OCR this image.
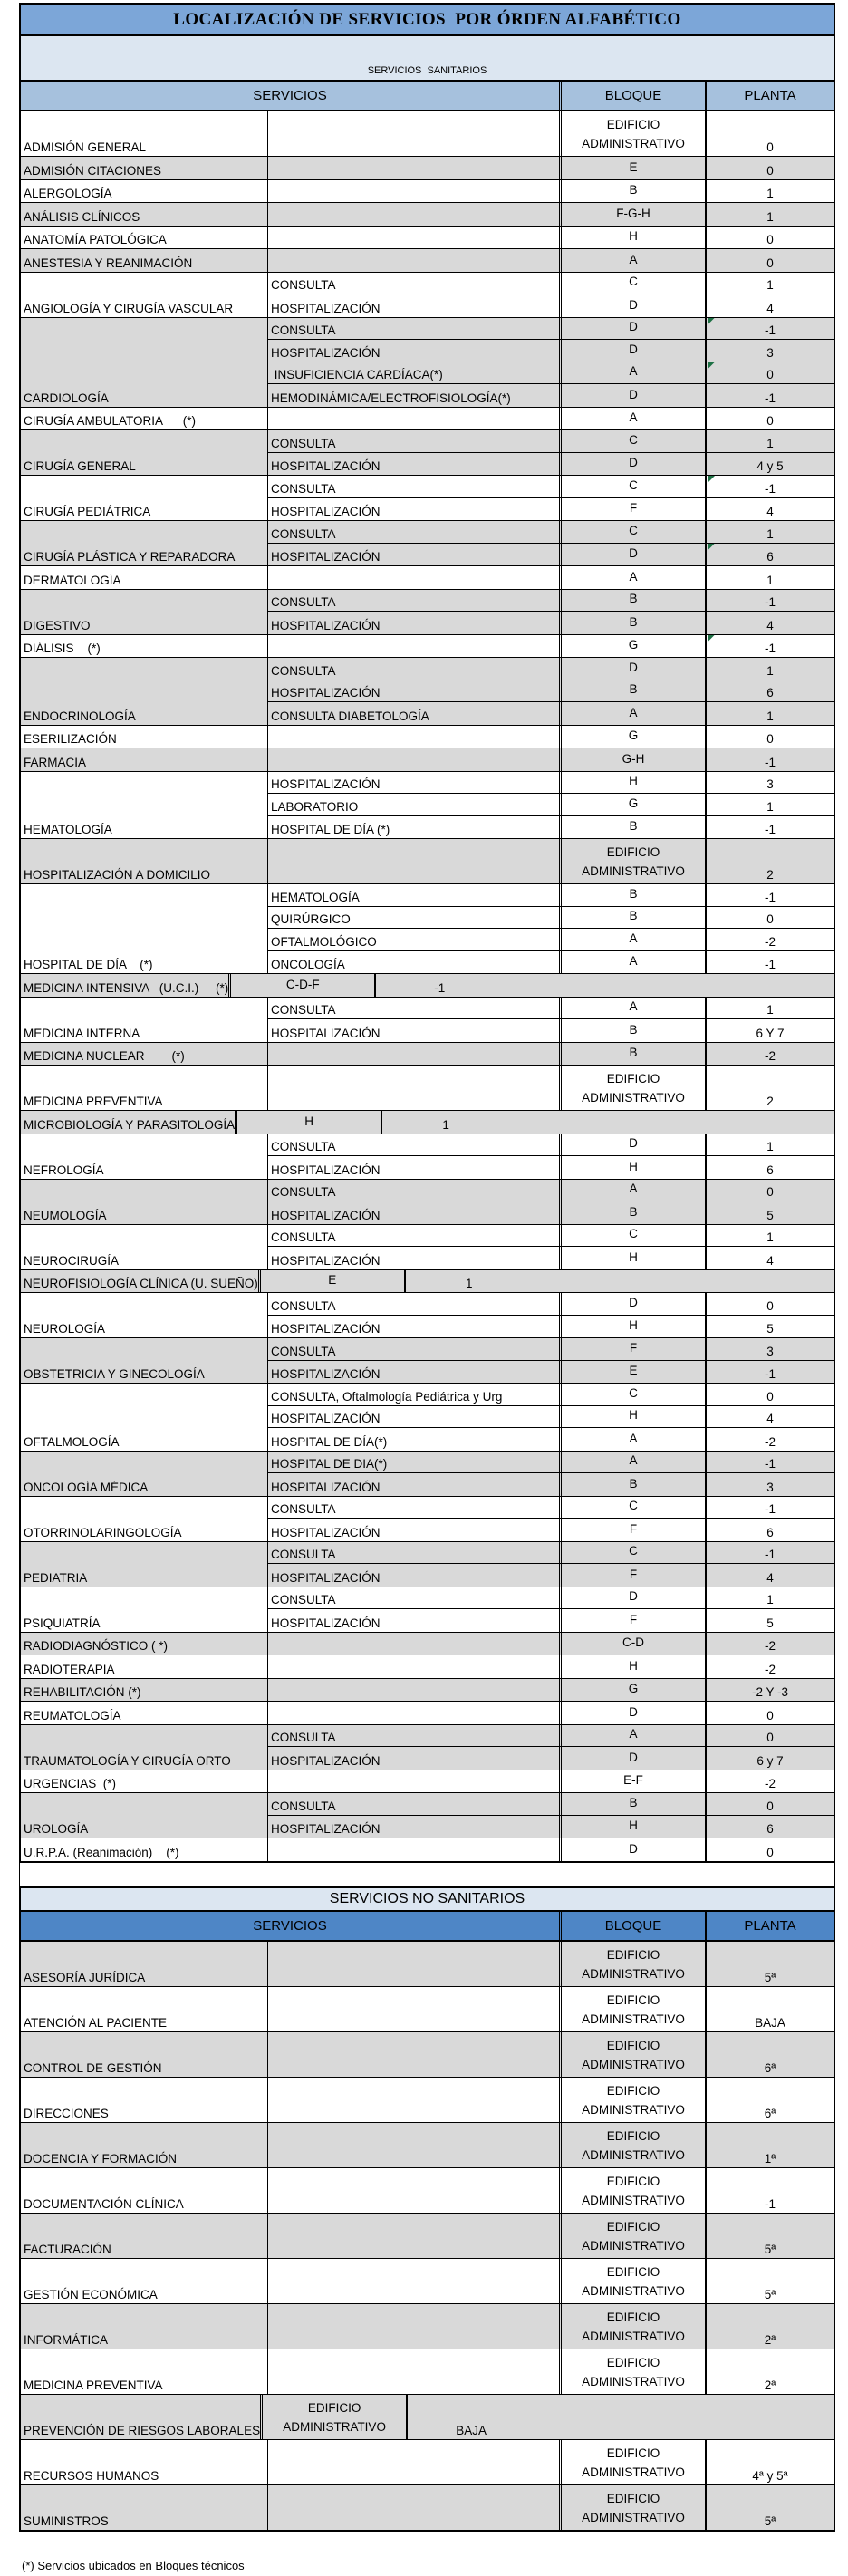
LOCALIZACIÓN DE SERVICIOS  POR ÓRDEN ALFABÉTICO
SERVICIOS  SANITARIOS
SERVICIOS	BLOQUE	PLANTA
ADMISIÓN GENERAL
EDIFICIO ADMINISTRATIVO	0
ADMISIÓN CITACIONES	E	0
ALERGOLOGÍA	B	1
ANÁLISIS CLÍNICOS	F-G-H	1
ANATOMÍA PATOLÓGICA	H	0
ANESTESIA Y REANIMACIÓN	A	0
ANGIOLOGÍA Y CIRUGÍA VASCULAR
CONSULTA	C	1
HOSPITALIZACIÓN	D	4
CARDIOLOGÍA
CONSULTA	D	-1
HOSPITALIZACIÓN	D	3
INSUFICIENCIA CARDÍACA(*)	A	0
HEMODINÁMICA/ELECTROFISIOLOGÍA(*)	D	-1
CIRUGÍA AMBULATORIA      (*)	A	0
CIRUGÍA GENERAL
CONSULTA	C	1
HOSPITALIZACIÓN	D	4 y 5
CIRUGÍA PEDIÁTRICA
CONSULTA	C	-1
HOSPITALIZACIÓN	F	4
CIRUGÍA PLÁSTICA Y REPARADORA
CONSULTA	C	1
HOSPITALIZACIÓN	D	6
DERMATOLOGÍA	A	1
DIGESTIVO
CONSULTA	B	-1
HOSPITALIZACIÓN	B	4
DIÁLISIS    (*)	G	-1
ENDOCRINOLOGÍA
CONSULTA	D	1
HOSPITALIZACIÓN	B	6
CONSULTA DIABETOLOGÍA	A	1
ESERILIZACIÓN	G	0
FARMACIA	G-H	-1
HEMATOLOGÍA
HOSPITALIZACIÓN	H	3
LABORATORIO	G	1
HOSPITAL DE DÍA (*)	B	-1
HOSPITALIZACIÓN A DOMICILIO
EDIFICIO ADMINISTRATIVO	2
HOSPITAL DE DÍA    (*)
HEMATOLOGÍA	B	-1
QUIRÚRGICO	B	0
OFTALMOLÓGICO	A	-2
ONCOLOGÍA	A	-1
MEDICINA INTENSIVA   (U.C.I.)     (*)	C-D-F	-1
MEDICINA INTERNA
CONSULTA	A	1
HOSPITALIZACIÓN	B	6 Y 7
MEDICINA NUCLEAR        (*)	B	-2
MEDICINA PREVENTIVA
EDIFICIO ADMINISTRATIVO	2
MICROBIOLOGÍA Y PARASITOLOGÍA	H	1
NEFROLOGÍA
CONSULTA	D	1
HOSPITALIZACIÓN	H	6
NEUMOLOGÍA
CONSULTA	A	0
HOSPITALIZACIÓN	B	5
NEUROCIRUGÍA
CONSULTA	C	1
HOSPITALIZACIÓN	H	4
NEUROFISIOLOGÍA CLÍNICA (U. SUEÑO)	E	1
NEUROLOGÍA
CONSULTA	D	0
HOSPITALIZACIÓN	H	5
OBSTETRICIA Y GINECOLOGÍA
CONSULTA	F	3
HOSPITALIZACIÓN	E	-1
OFTALMOLOGÍA
CONSULTA, Oftalmología Pediátrica y Urg	C	0
HOSPITALIZACIÓN	H	4
HOSPITAL DE DÍA(*)	A	-2
ONCOLOGÍA MÉDICA
HOSPITAL DE DIA(*)	A	-1
HOSPITALIZACIÓN	B	3
OTORRINOLARINGOLOGÍA
CONSULTA	C	-1
HOSPITALIZACIÓN	F	6
PEDIATRIA
CONSULTA	C	-1
HOSPITALIZACIÓN	F	4
PSIQUIATRÍA
CONSULTA	D	1
HOSPITALIZACIÓN	F	5
RADIODIAGNÓSTICO ( *)	C-D	-2
RADIOTERAPIA	H	-2
REHABILITACIÓN (*)	G	-2 Y -3
REUMATOLOGÍA	D	0
TRAUMATOLOGÍA Y CIRUGÍA ORTO
CONSULTA	A	0
HOSPITALIZACIÓN	D	6 y 7
URGENCIAS  (*)	E-F	-2
UROLOGÍA
CONSULTA	B	0
HOSPITALIZACIÓN	H	6
U.R.P.A. (Reanimación)    (*)	D	0
SERVICIOS NO SANITARIOS
SERVICIOS	BLOQUE	PLANTA
ASESORÍA JURÍDICA
EDIFICIO ADMINISTRATIVO	5ª
ATENCIÓN AL PACIENTE
EDIFICIO ADMINISTRATIVO	BAJA
CONTROL DE GESTIÓN
EDIFICIO ADMINISTRATIVO	6ª
DIRECCIONES
EDIFICIO ADMINISTRATIVO	6ª
DOCENCIA Y FORMACIÓN
EDIFICIO ADMINISTRATIVO	1ª
DOCUMENTACIÓN CLÍNICA
EDIFICIO ADMINISTRATIVO	-1
FACTURACIÓN
EDIFICIO ADMINISTRATIVO	5ª
GESTIÓN ECONÓMICA
EDIFICIO ADMINISTRATIVO	5ª
INFORMÁTICA
EDIFICIO ADMINISTRATIVO	2ª
MEDICINA PREVENTIVA
EDIFICIO ADMINISTRATIVO	2ª
PREVENCIÓN DE RIESGOS LABORALES
EDIFICIO ADMINISTRATIVO	BAJA
RECURSOS HUMANOS
EDIFICIO ADMINISTRATIVO	4ª y 5ª
SUMINISTROS
EDIFICIO ADMINISTRATIVO	5ª
(*) Servicios ubicados en Bloques técnicos
